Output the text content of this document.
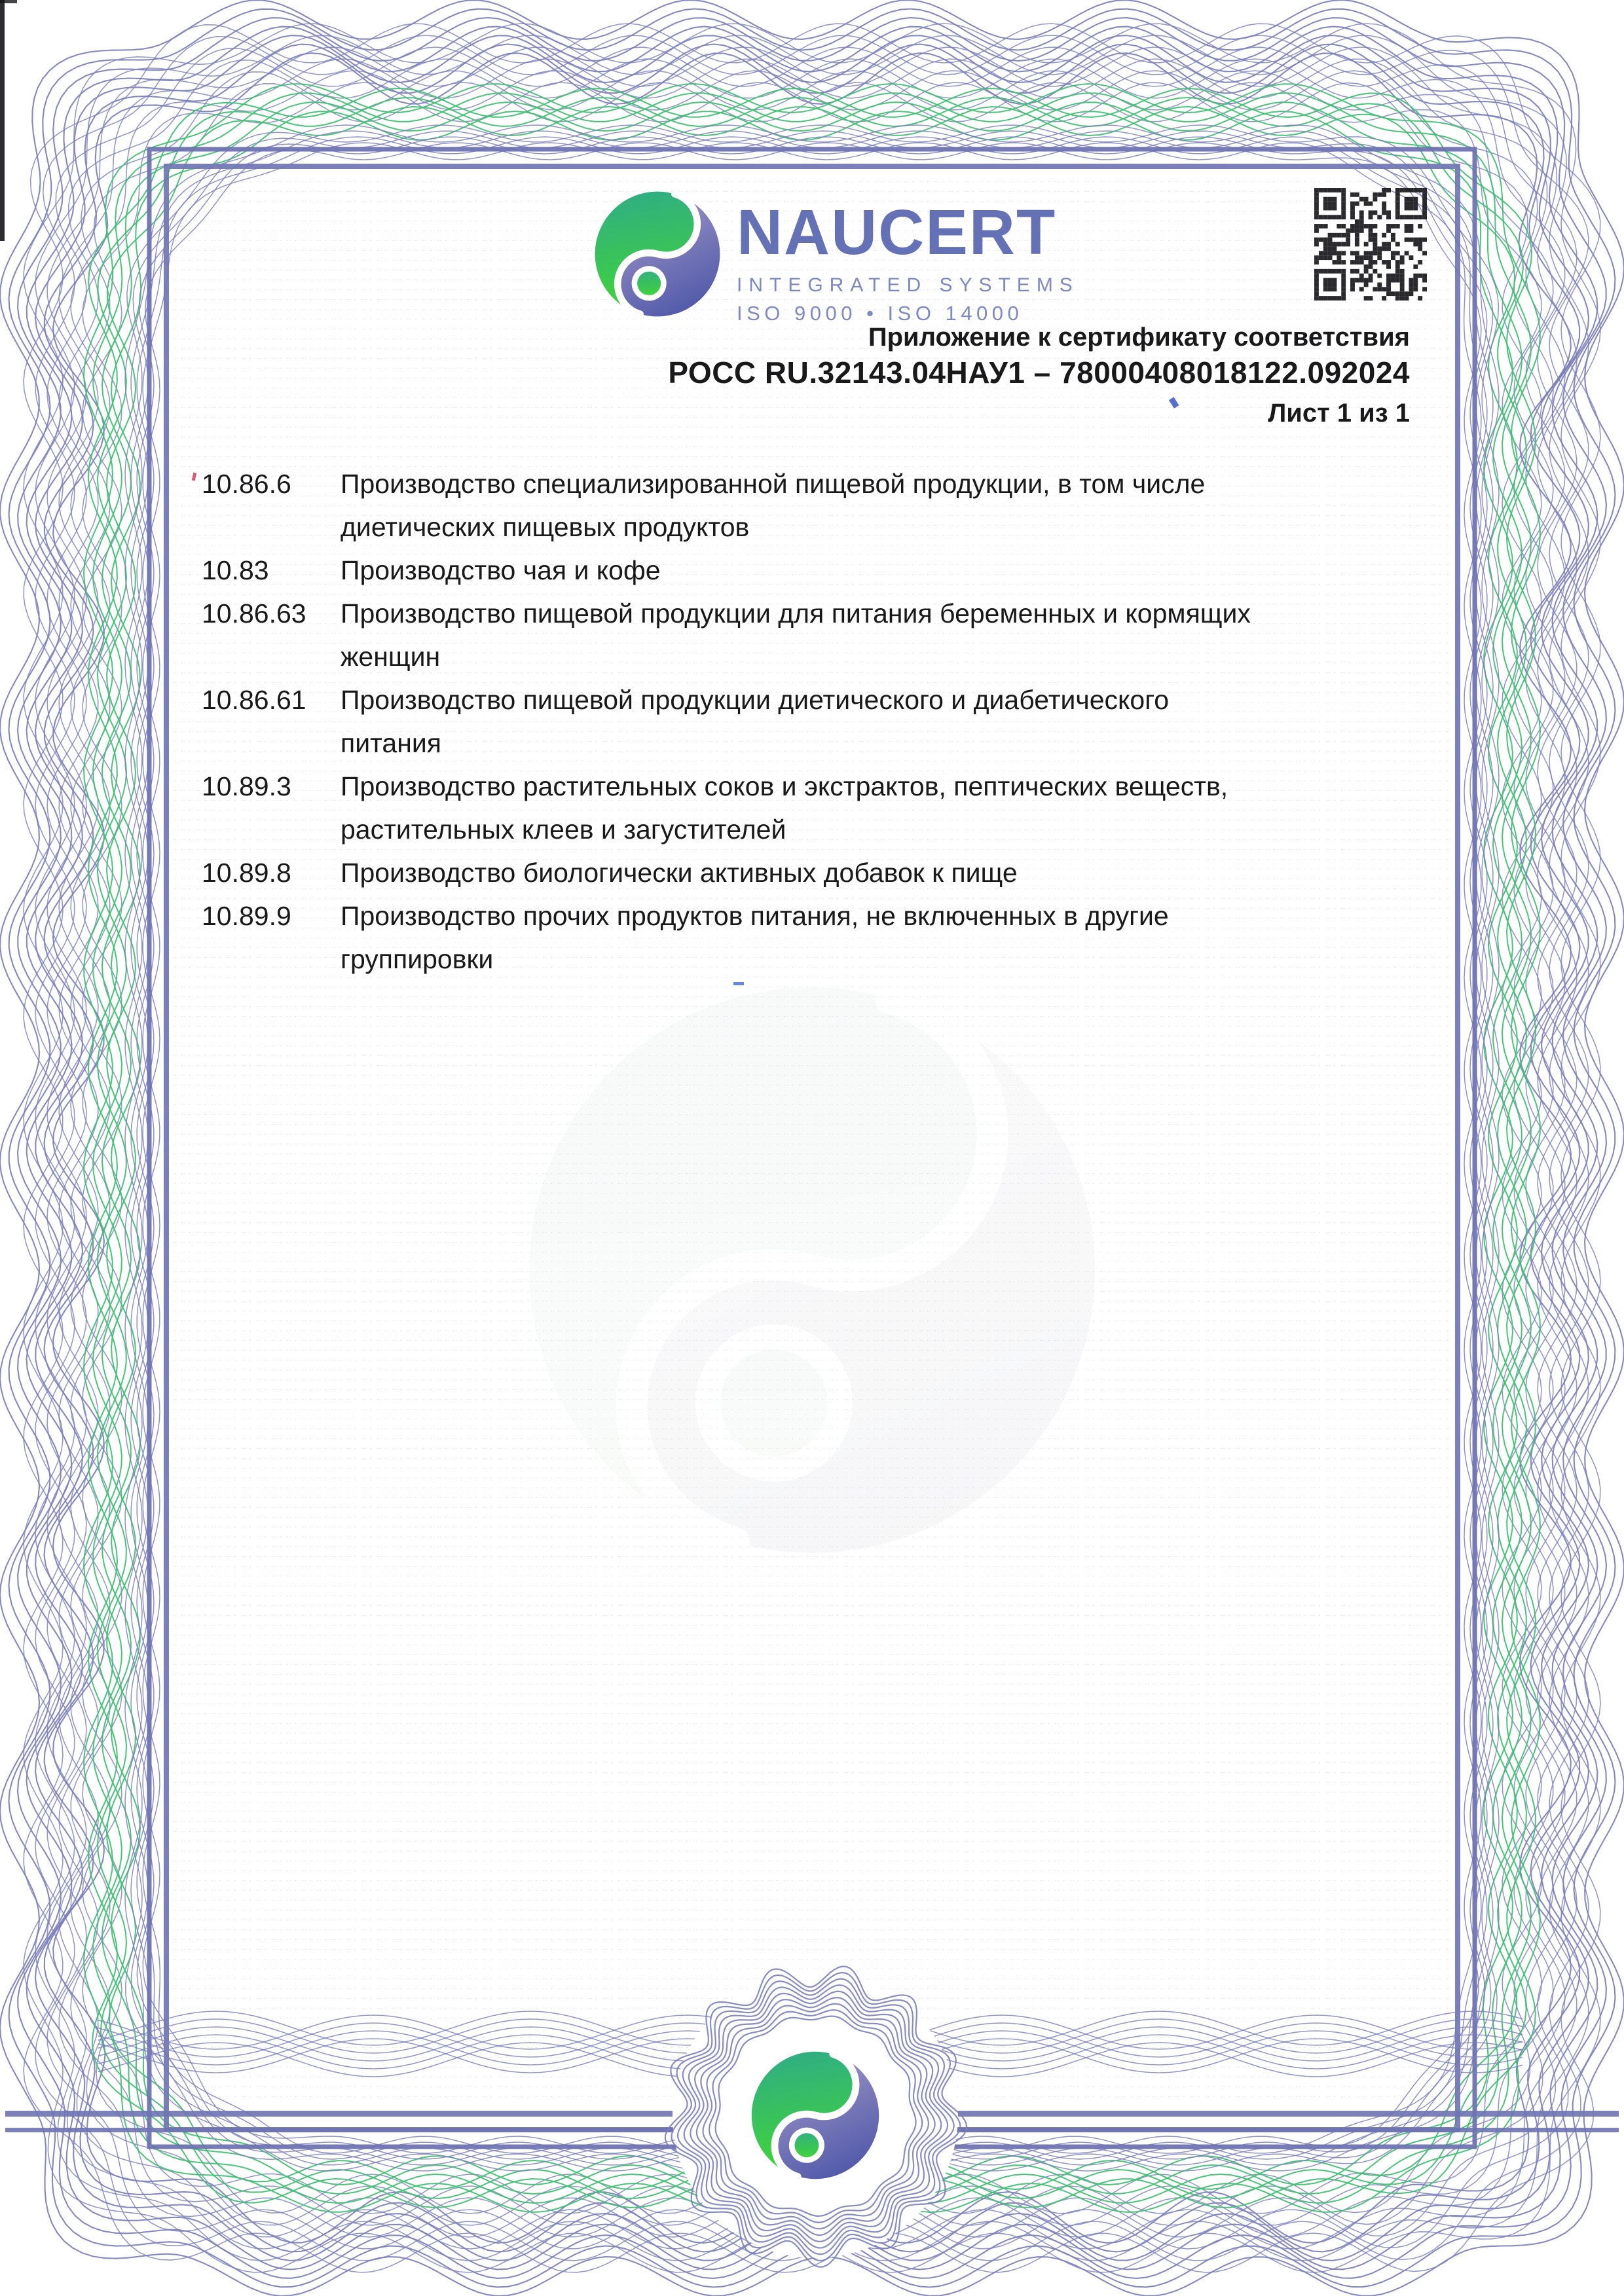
NAUCERT
INTEGRATED SYSTEMS
ISO 9000 • ISO 14000
Приложение к сертификату соответствия
РОСС RU.32143.04НАУ1 – 78000408018122.092024
Лист 1 из 1
10.86.6	Производство специализированной пищевой продукции, в том числе
диетических пищевых продуктов
10.83	Производство чая и кофе
10.86.63	Производство пищевой продукции для питания беременных и кормящих
женщин
10.86.61	Производство пищевой продукции диетического и диабетического
питания
10.89.3	Производство растительных соков и экстрактов, пептических веществ,
растительных клеев и загустителей
10.89.8	Производство биологически активных добавок к пище
10.89.9	Производство прочих продуктов питания, не включенных в другие
группировки
